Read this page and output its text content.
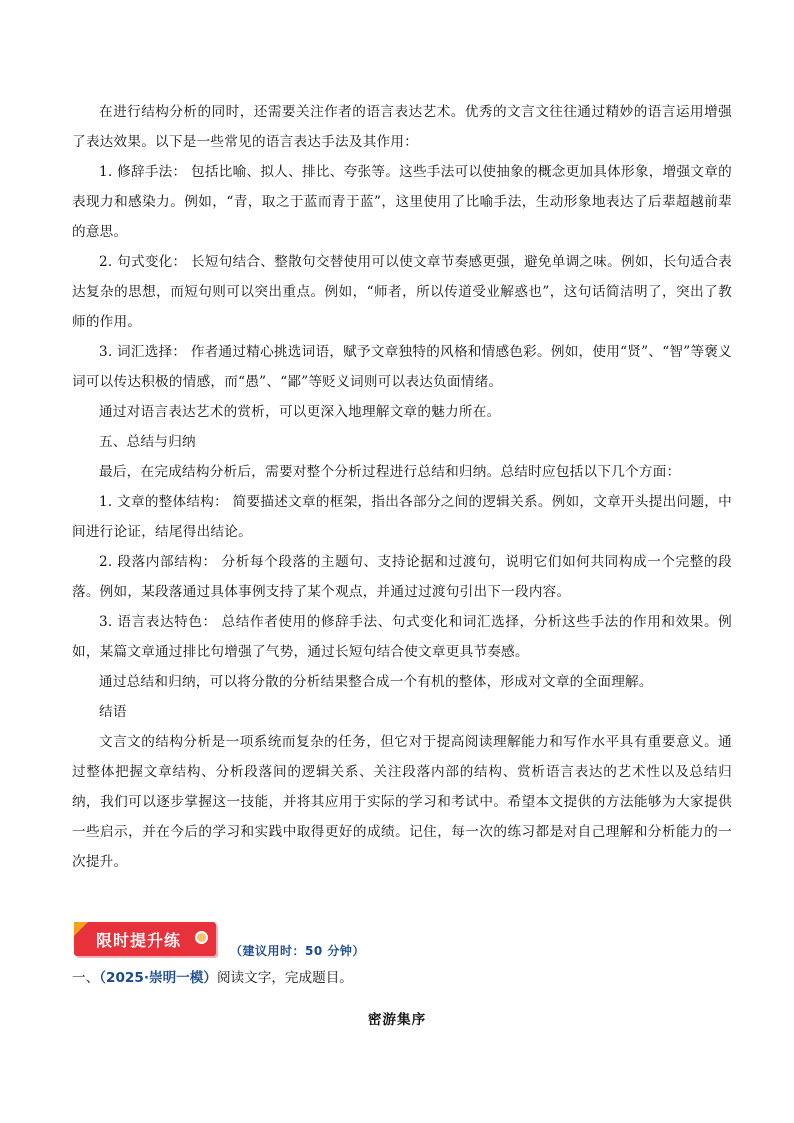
在进行结构分析的同时，还需要关注作者的语言表达艺术。优秀的文言文往往通过精妙的语言运用增强了表达效果。以下是一些常见的语言表达手法及其作用：

1. 修辞手法： 包括比喻、拟人、排比、夸张等。这些手法可以使抽象的概念更加具体形象，增强文章的表现力和感染力。例如，“青，取之于蓝而青于蓝”，这里使用了比喻手法，生动形象地表达了后辈超越前辈的意思。

2. 句式变化： 长短句结合、整散句交替使用可以使文章节奏感更强，避免单调之味。例如，长句适合表达复杂的思想，而短句则可以突出重点。例如，“师者，所以传道受业解惑也”，这句话简洁明了，突出了教师的作用。

3. 词汇选择： 作者通过精心挑选词语，赋予文章独特的风格和情感色彩。例如，使用“贤”、“智”等褒义词可以传达积极的情感，而“愚”、“鄙”等贬义词则可以表达负面情绪。

通过对语言表达艺术的赏析，可以更深入地理解文章的魅力所在。

五、总结与归纳

最后，在完成结构分析后，需要对整个分析过程进行总结和归纳。总结时应包括以下几个方面：

1. 文章的整体结构： 简要描述文章的框架，指出各部分之间的逻辑关系。例如，文章开头提出问题，中间进行论证，结尾得出结论。

2. 段落内部结构： 分析每个段落的主题句、支持论据和过渡句，说明它们如何共同构成一个完整的段落。例如，某段落通过具体事例支持了某个观点，并通过过渡句引出下一段内容。

3. 语言表达特色： 总结作者使用的修辞手法、句式变化和词汇选择，分析这些手法的作用和效果。例如，某篇文章通过排比句增强了气势，通过长短句结合使文章更具节奏感。

通过总结和归纳，可以将分散的分析结果整合成一个有机的整体，形成对文章的全面理解。

结语

文言文的结构分析是一项系统而复杂的任务，但它对于提高阅读理解能力和写作水平具有重要意义。通过整体把握文章结构、分析段落间的逻辑关系、关注段落内部的结构、赏析语言表达的艺术性以及总结归纳，我们可以逐步掌握这一技能，并将其应用于实际的学习和考试中。希望本文提供的方法能够为大家提供一些启示，并在今后的学习和实践中取得更好的成绩。记住，每一次的练习都是对自己理解和分析能力的一次提升。

限时提升练
（建议用时：50 分钟）
一、（2025·崇明一模）阅读文字，完成题目。
密游集序
